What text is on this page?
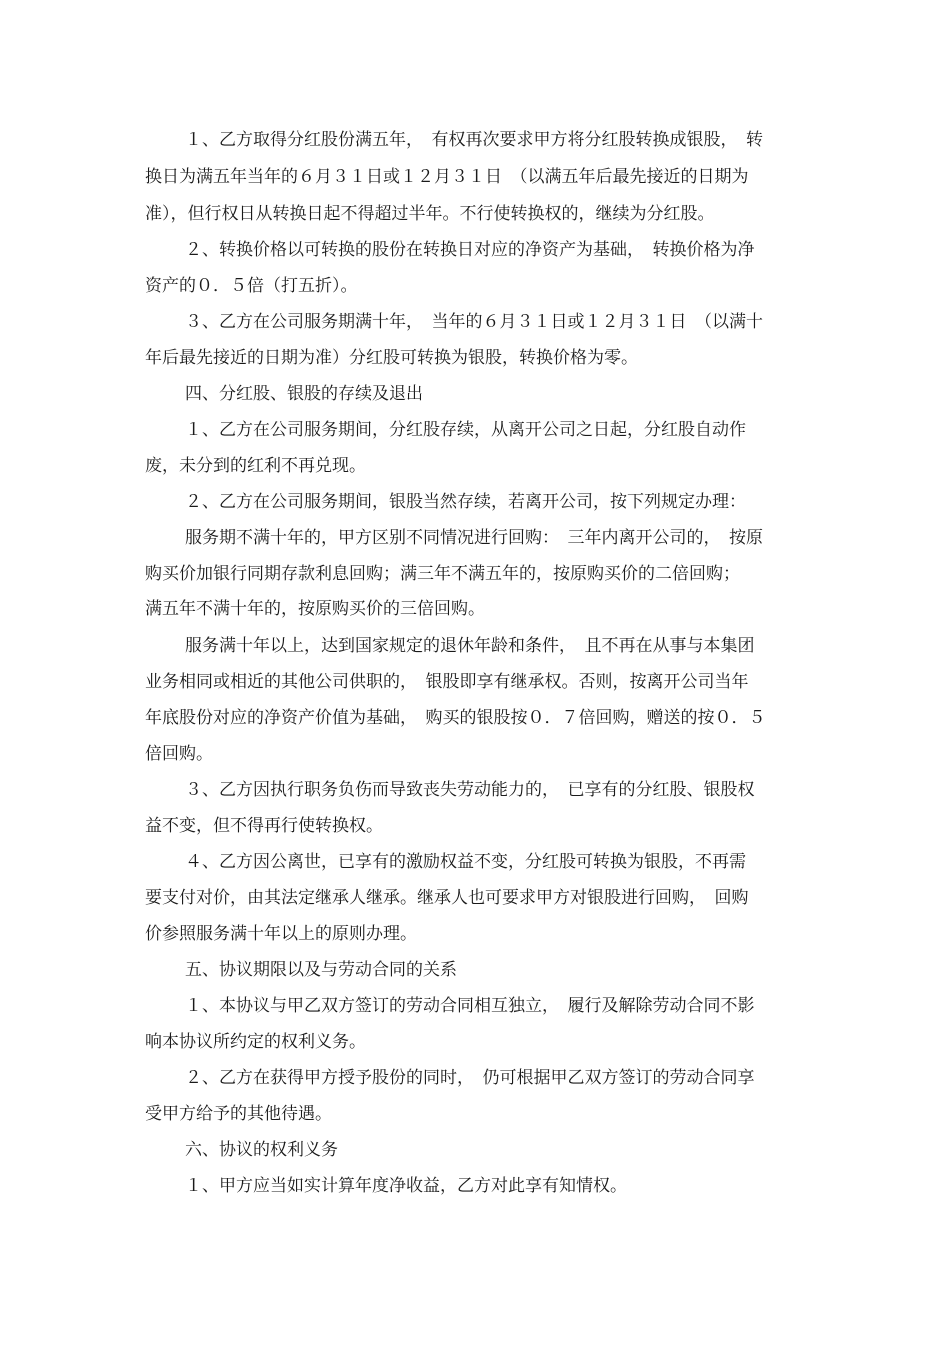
１、乙方取得分红股份满五年，　有权再次要求甲方将分红股转换成银股，　转
换日为满五年当年的６月３１日或１２月３１日　（以满五年后最先接近的日期为
准），但行权日从转换日起不得超过半年。不行使转换权的，继续为分红股。
２、转换价格以可转换的股份在转换日对应的净资产为基础，　转换价格为净
资产的０．５倍（打五折）。
３、乙方在公司服务期满十年，　当年的６月３１日或１２月３１日　（以满十
年后最先接近的日期为准）分红股可转换为银股，转换价格为零。
四、分红股、银股的存续及退出
１、乙方在公司服务期间，分红股存续，从离开公司之日起，分红股自动作
废，未分到的红利不再兑现。
２、乙方在公司服务期间，银股当然存续，若离开公司，按下列规定办理：
服务期不满十年的，甲方区别不同情况进行回购：　三年内离开公司的，　按原
购买价加银行同期存款利息回购；满三年不满五年的，按原购买价的二倍回购；
满五年不满十年的，按原购买价的三倍回购。
服务满十年以上，达到国家规定的退休年龄和条件，　且不再在从事与本集团
业务相同或相近的其他公司供职的，　银股即享有继承权。否则，按离开公司当年
年底股份对应的净资产价值为基础，　购买的银股按０．７倍回购，赠送的按０．５
倍回购。
３、乙方因执行职务负伤而导致丧失劳动能力的，　已享有的分红股、银股权
益不变，但不得再行使转换权。
４、乙方因公离世，已享有的激励权益不变，分红股可转换为银股，不再需
要支付对价，由其法定继承人继承。继承人也可要求甲方对银股进行回购，　回购
价参照服务满十年以上的原则办理。
五、协议期限以及与劳动合同的关系
１、本协议与甲乙双方签订的劳动合同相互独立，　履行及解除劳动合同不影
响本协议所约定的权利义务。
２、乙方在获得甲方授予股份的同时，　仍可根据甲乙双方签订的劳动合同享
受甲方给予的其他待遇。
六、协议的权利义务
１、甲方应当如实计算年度净收益，乙方对此享有知情权。
